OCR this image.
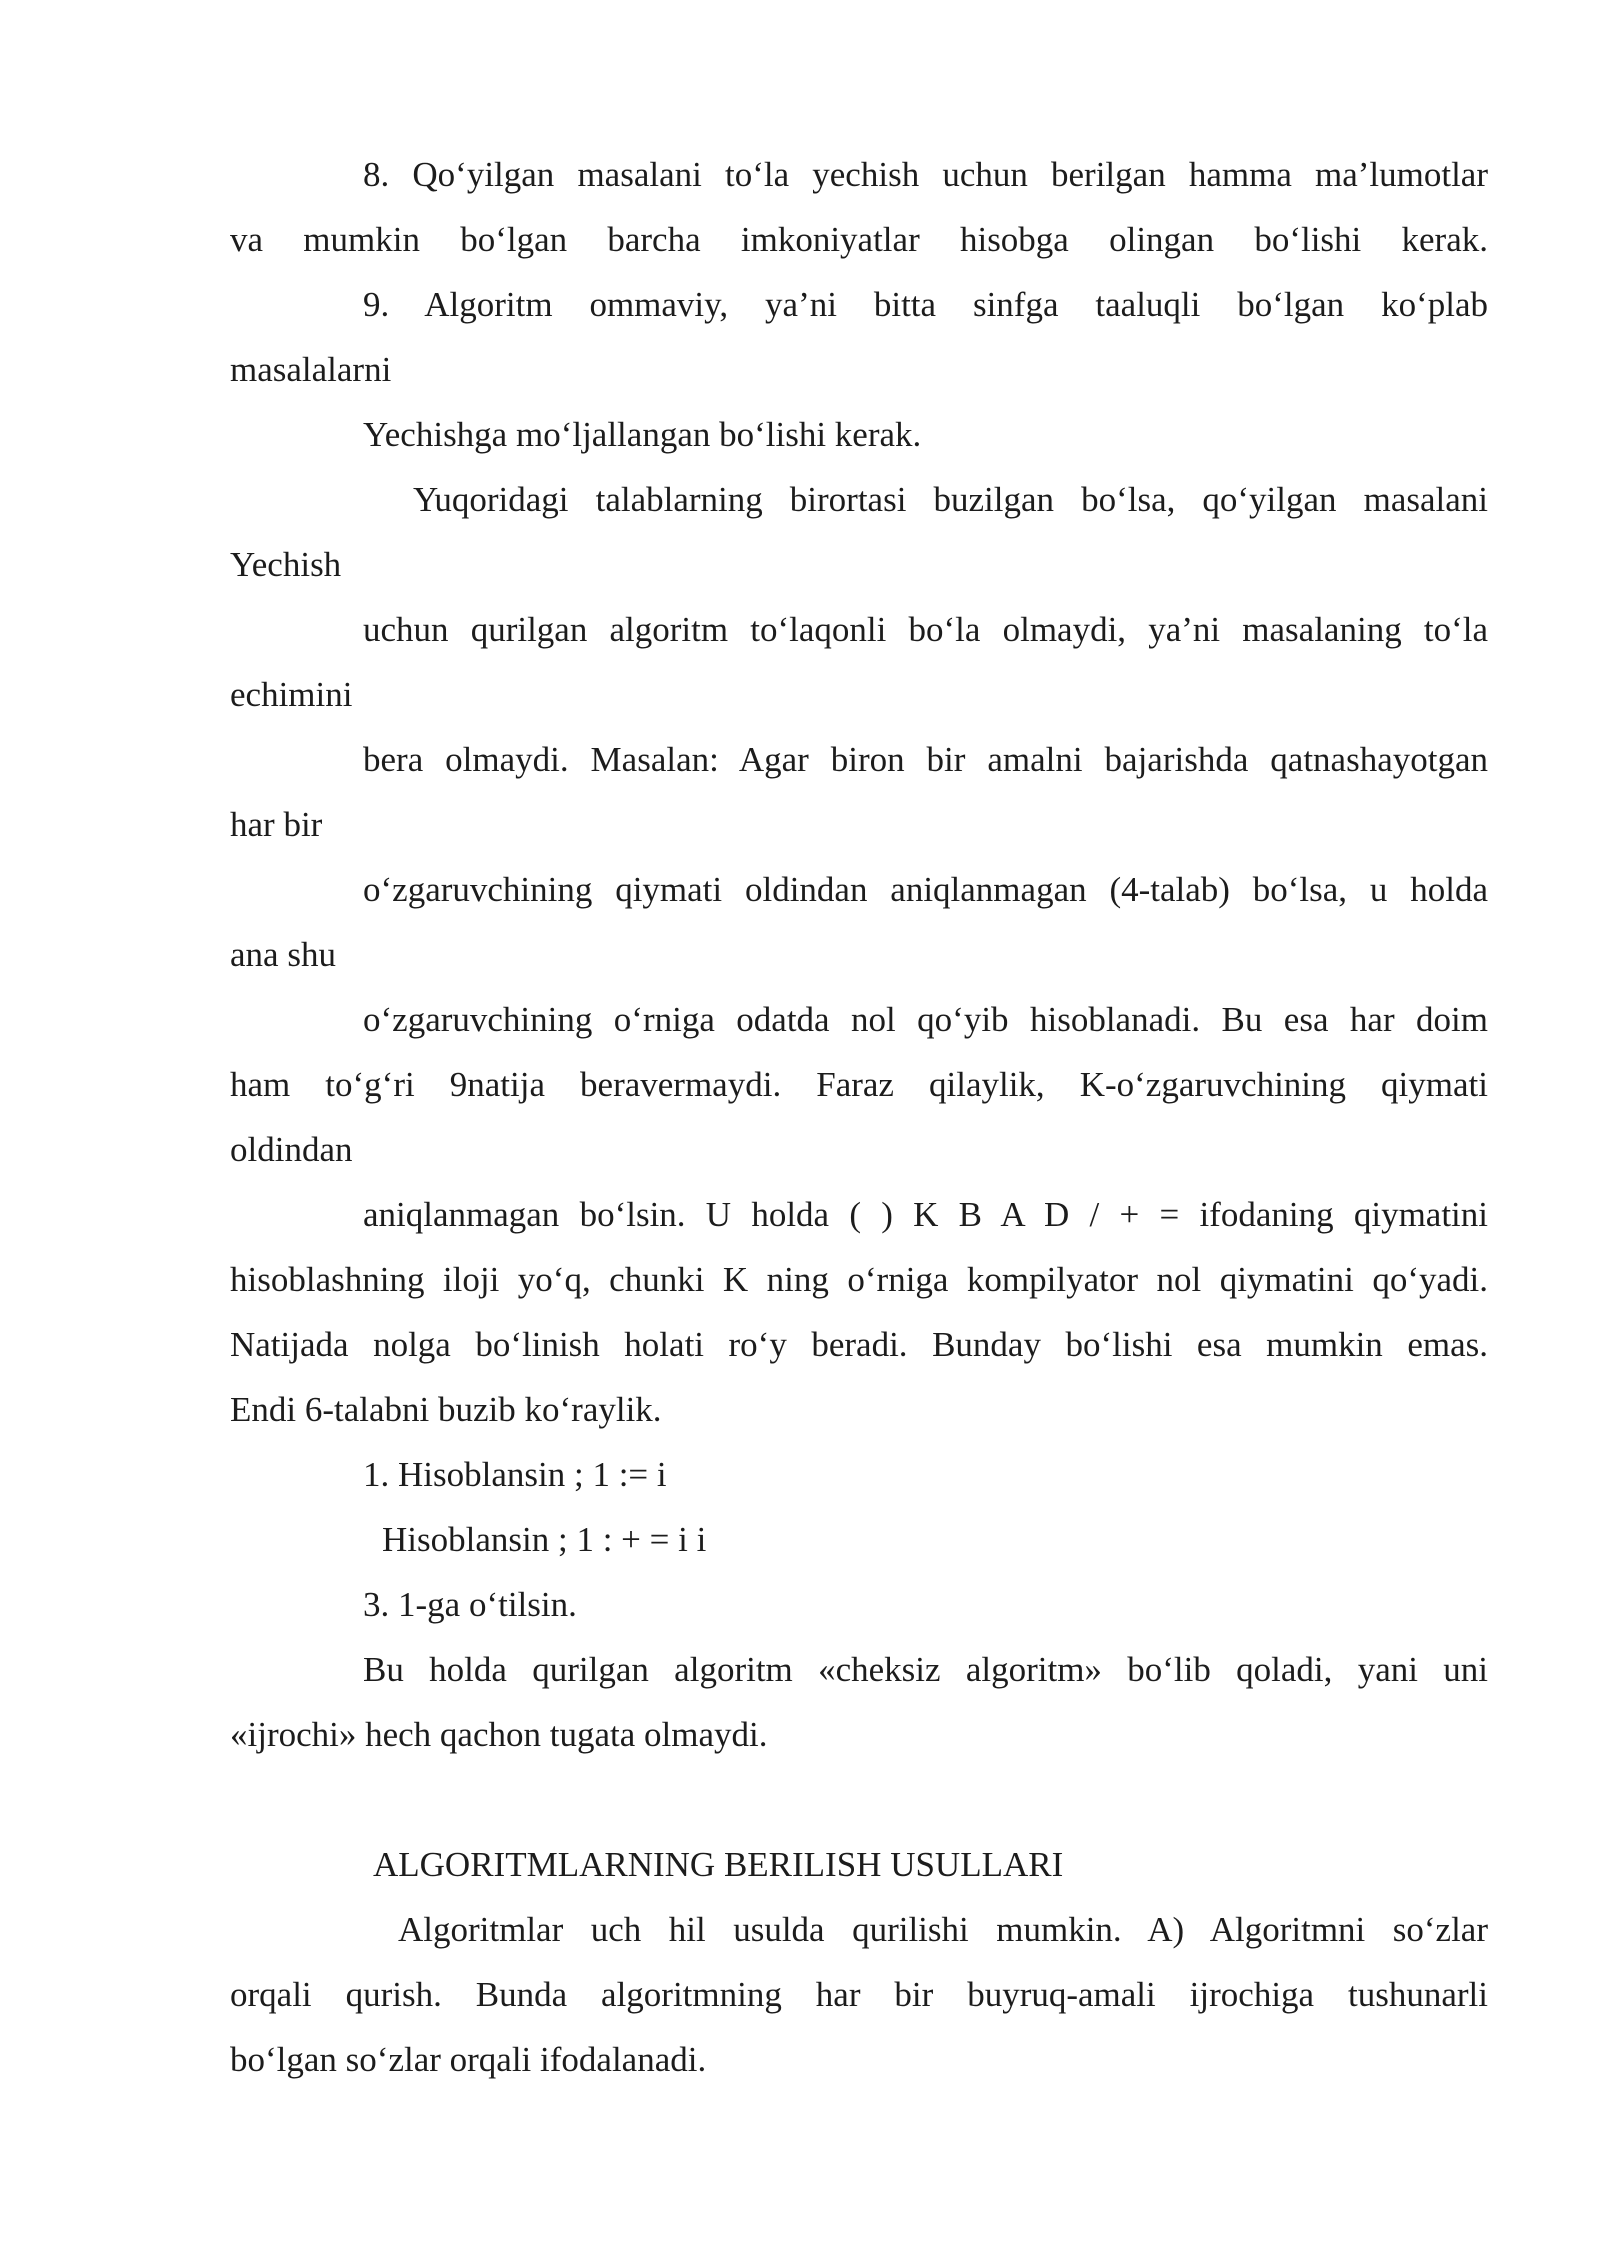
8. Qo‘yilgan masalani to‘la yechish uchun berilgan hamma ma’lumotlar
va mumkin bo‘lgan barcha imkoniyatlar hisobga olingan bo‘lishi kerak.
9. Algoritm ommaviy, ya’ni bitta sinfga taaluqli bo‘lgan ko‘plab
masalalarni
Yechishga mo‘ljallangan bo‘lishi kerak.
Yuqoridagi talablarning birortasi buzilgan bo‘lsa, qo‘yilgan masalani
Yechish
uchun qurilgan algoritm to‘laqonli bo‘la olmaydi, ya’ni masalaning to‘la
echimini
bera olmaydi. Masalan: Agar biron bir amalni bajarishda qatnashayotgan
har bir
o‘zgaruvchining qiymati oldindan aniqlanmagan (4-talab) bo‘lsa, u holda
ana shu
o‘zgaruvchining o‘rniga odatda nol qo‘yib hisoblanadi. Bu esa har doim
ham to‘g‘ri 9natija beravermaydi. Faraz qilaylik, K-o‘zgaruvchining qiymati
oldindan
aniqlanmagan bo‘lsin. U holda ( ) K B A D / + = ifodaning qiymatini
hisoblashning iloji yo‘q, chunki K ning o‘rniga kompilyator nol qiymatini qo‘yadi.
Natijada nolga bo‘linish holati ro‘y beradi. Bunday bo‘lishi esa mumkin emas.
Endi 6-talabni buzib ko‘raylik.
1. Hisoblansin ; 1 := i
Hisoblansin ; 1 : + = i i
3. 1-ga o‘tilsin.
Bu holda qurilgan algoritm «cheksiz algoritm» bo‘lib qoladi, yani uni
«ijrochi» hech qachon tugata olmaydi.
ALGORITMLARNING BERILISH USULLARI
Algoritmlar uch hil usulda qurilishi mumkin. A) Algoritmni so‘zlar
orqali qurish. Bunda algoritmning har bir buyruq-amali ijrochiga tushunarli
bo‘lgan so‘zlar orqali ifodalanadi.
